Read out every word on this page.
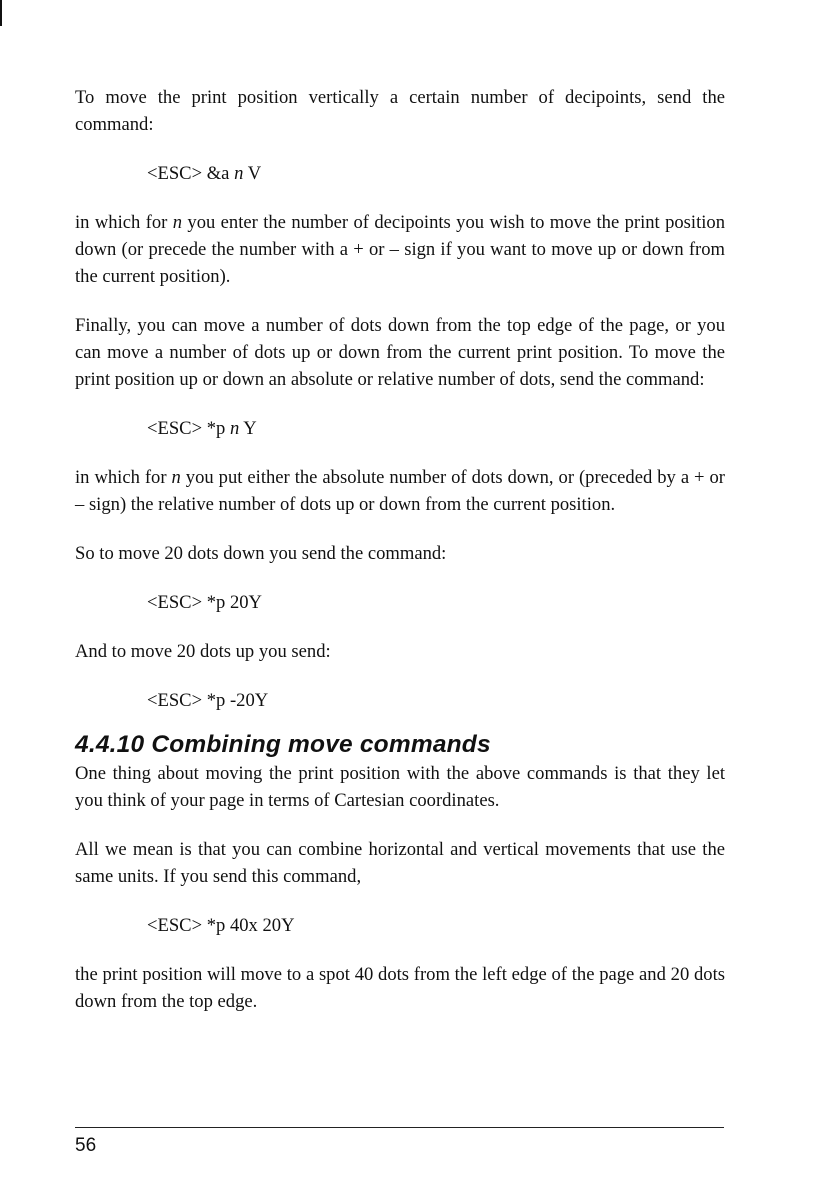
To move the print position vertically a certain number of decipoints, send the command:

<ESC> &a n V

in which for n you enter the number of decipoints you wish to move the print position down (or precede the number with a + or – sign if you want to move up or down from the current position).

Finally, you can move a number of dots down from the top edge of the page, or you can move a number of dots up or down from the current print position. To move the print position up or down an absolute or relative number of dots, send the command:

<ESC> *p n Y

in which for n you put either the absolute number of dots down, or (preceded by a + or – sign) the relative number of dots up or down from the current position.

So to move 20 dots down you send the command:

<ESC> *p 20Y

And to move 20 dots up you send:

<ESC> *p -20Y

4.4.10 Combining move commands

One thing about moving the print position with the above commands is that they let you think of your page in terms of Cartesian coordinates.

All we mean is that you can combine horizontal and vertical movements that use the same units. If you send this command,

<ESC> *p 40x 20Y

the print position will move to a spot 40 dots from the left edge of the page and 20 dots down from the top edge.

56
